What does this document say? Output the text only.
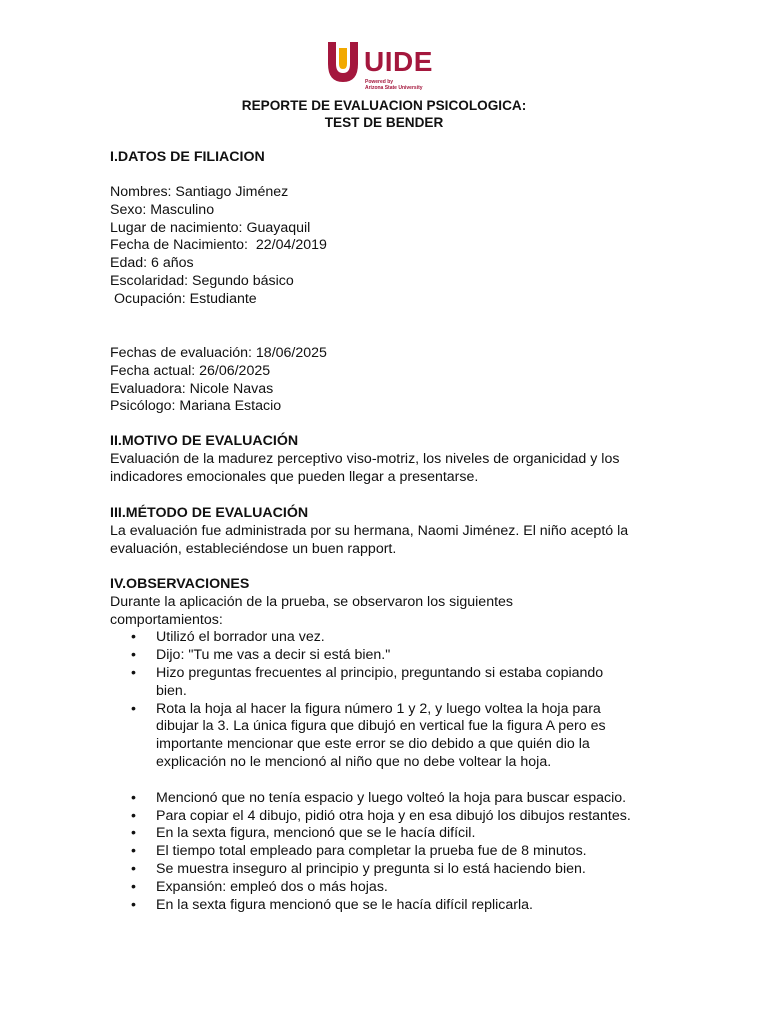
UIDE
Powered by
Arizona State University
REPORTE DE EVALUACION PSICOLOGICA:
TEST DE BENDER
I.DATOS DE FILIACION
Nombres: Santiago Jiménez
Sexo: Masculino
Lugar de nacimiento: Guayaquil
Fecha de Nacimiento:  22/04/2019
Edad: 6 años
Escolaridad: Segundo básico
Ocupación: Estudiante
Fechas de evaluación: 18/06/2025
Fecha actual: 26/06/2025
Evaluadora: Nicole Navas
Psicólogo: Mariana Estacio
II.MOTIVO DE EVALUACIÓN

Evaluación de la madurez perceptivo viso-motriz, los niveles de organicidad y los indicadores emocionales que pueden llegar a presentarse.

III.MÉTODO DE EVALUACIÓN

La evaluación fue administrada por su hermana, Naomi Jiménez. El niño aceptó la evaluación, estableciéndose un buen rapport.

IV.OBSERVACIONES

Durante la aplicación de la prueba, se observaron los siguientes comportamientos:

• Utilizó el borrador una vez.
• Dijo: "Tu me vas a decir si está bien."
• Hizo preguntas frecuentes al principio, preguntando si estaba copiando bien.
• Rota la hoja al hacer la figura número 1 y 2, y luego voltea la hoja para dibujar la 3. La única figura que dibujó en vertical fue la figura A pero es importante mencionar que este error se dio debido a que quién dio la explicación no le mencionó al niño que no debe voltear la hoja.
• Mencionó que no tenía espacio y luego volteó la hoja para buscar espacio.
• Para copiar el 4 dibujo, pidió otra hoja y en esa dibujó los dibujos restantes.
• En la sexta figura, mencionó que se le hacía difícil.
• El tiempo total empleado para completar la prueba fue de 8 minutos.
• Se muestra inseguro al principio y pregunta si lo está haciendo bien.
• Expansión: empleó dos o más hojas.
• En la sexta figura mencionó que se le hacía difícil replicarla.
